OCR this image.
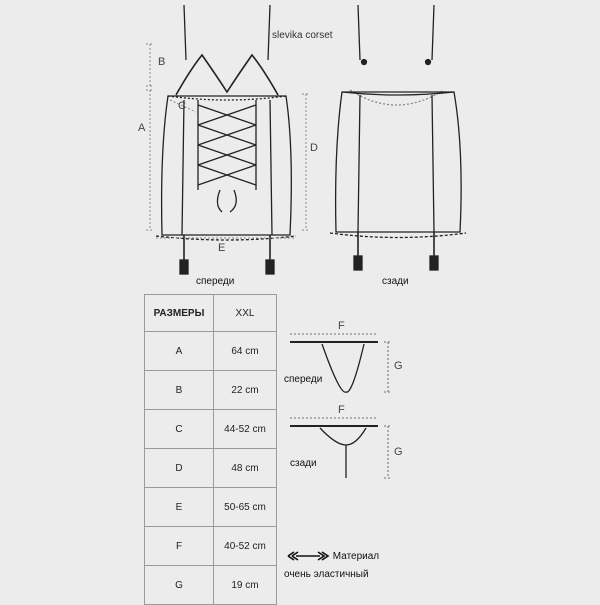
slevika corset
B
A
C
D
E
F
G
F
G
спереди	сзади
спереди
сзади
РАЗМЕРЫ	XXL
A	64 cm
B	22 cm
C	44-52 cm
D	48 cm
E	50-65 cm
F	40-52 cm
G	19 cm
Материал
очень эластичный
